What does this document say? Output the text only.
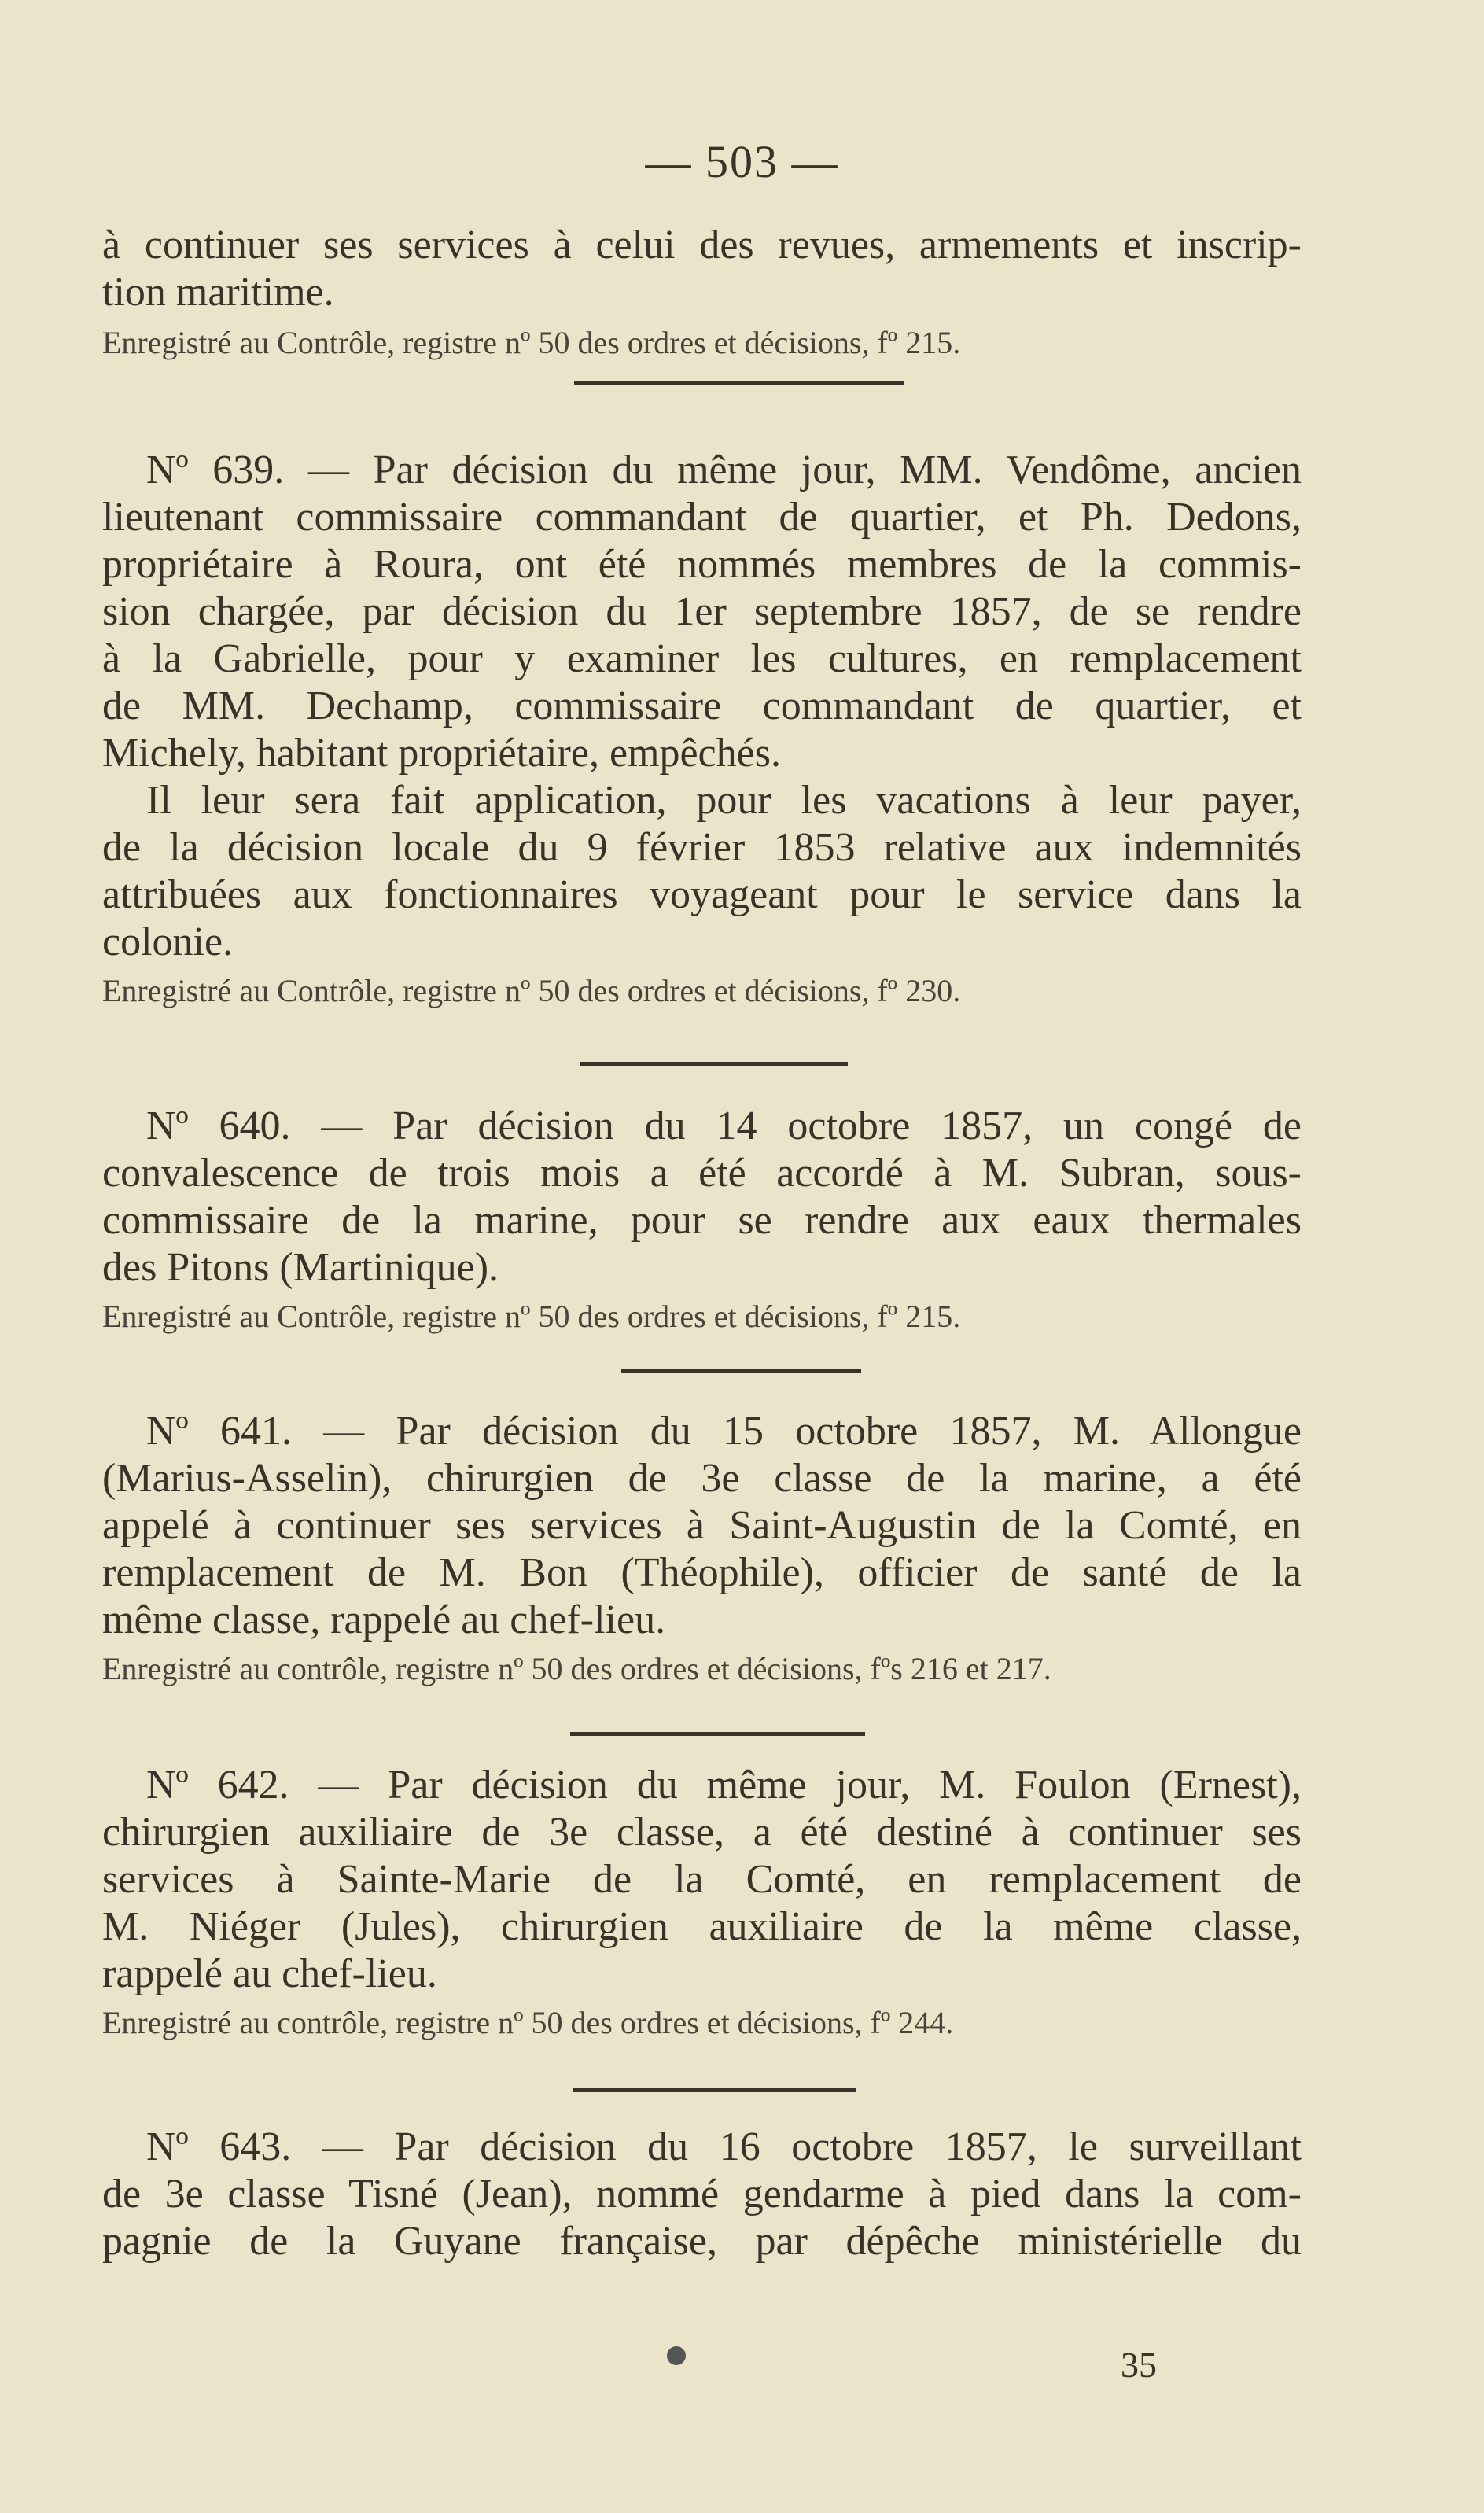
— 503 —
à continuer ses services à celui des revues, armements et inscrip-
tion maritime.
Enregistré au Contrôle, registre nº 50 des ordres et décisions, fº 215.
Nº 639. — Par décision du même jour, MM. Vendôme, ancien
lieutenant commissaire commandant de quartier, et Ph. Dedons,
propriétaire à Roura, ont été nommés membres de la commis-
sion chargée, par décision du 1er septembre 1857, de se rendre
à la Gabrielle, pour y examiner les cultures, en remplacement
de MM. Dechamp, commissaire commandant de quartier, et
Michely, habitant propriétaire, empêchés.
Il leur sera fait application, pour les vacations à leur payer,
de la décision locale du 9 février 1853 relative aux indemnités
attribuées aux fonctionnaires voyageant pour le service dans la
colonie.
Enregistré au Contrôle, registre nº 50 des ordres et décisions, fº 230.
Nº 640. — Par décision du 14 octobre 1857, un congé de
convalescence de trois mois a été accordé à M. Subran, sous-
commissaire de la marine, pour se rendre aux eaux thermales
des Pitons (Martinique).
Enregistré au Contrôle, registre nº 50 des ordres et décisions, fº 215.
Nº 641. — Par décision du 15 octobre 1857, M. Allongue
(Marius-Asselin), chirurgien de 3e classe de la marine, a été
appelé à continuer ses services à Saint-Augustin de la Comté, en
remplacement de M. Bon (Théophile), officier de santé de la
même classe, rappelé au chef-lieu.
Enregistré au contrôle, registre nº 50 des ordres et décisions, fºs 216 et 217.
Nº 642. — Par décision du même jour, M. Foulon (Ernest),
chirurgien auxiliaire de 3e classe, a été destiné à continuer ses
services à Sainte-Marie de la Comté, en remplacement de
M. Niéger (Jules), chirurgien auxiliaire de la même classe,
rappelé au chef-lieu.
Enregistré au contrôle, registre nº 50 des ordres et décisions, fº 244.
Nº 643. — Par décision du 16 octobre 1857, le surveillant
de 3e classe Tisné (Jean), nommé gendarme à pied dans la com-
pagnie de la Guyane française, par dépêche ministérielle du
35
